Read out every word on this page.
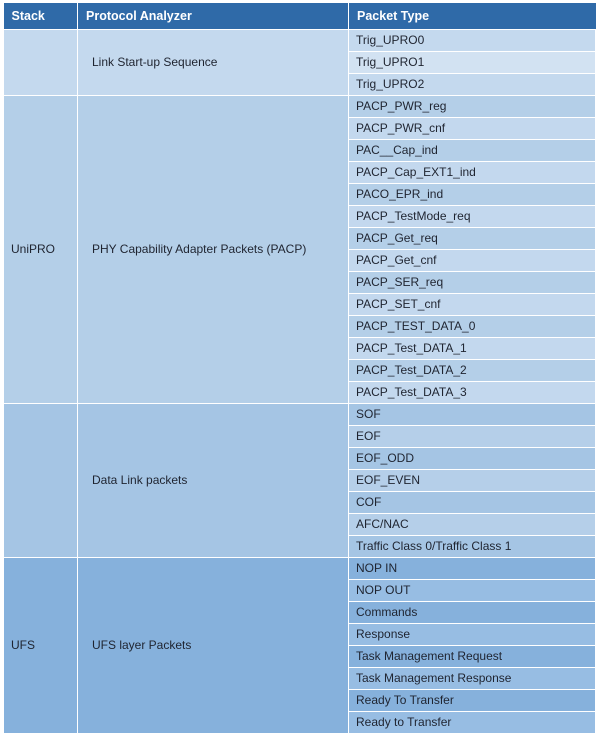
Stack	Protocol Analyzer	Packet Type
	Link Start-up Sequence	Trig_UPRO0
		Trig_UPRO1
		Trig_UPRO2
UniPRO	PHY Capability Adapter Packets (PACP)	PACP_PWR_reg
		PACP_PWR_cnf
		PAC__Cap_ind
		PACP_Cap_EXT1_ind
		PACO_EPR_ind
		PACP_TestMode_req
		PACP_Get_req
		PACP_Get_cnf
		PACP_SER_req
		PACP_SET_cnf
		PACP_TEST_DATA_0
		PACP_Test_DATA_1
		PACP_Test_DATA_2
		PACP_Test_DATA_3
	Data Link packets	SOF
		EOF
		EOF_ODD
		EOF_EVEN
		COF
		AFC/NAC
		Traffic Class 0/Traffic Class 1
UFS	UFS layer Packets	NOP IN
		NOP OUT
		Commands
		Response
		Task Management Request
		Task Management Response
		Ready To Transfer
		Ready to Transfer
